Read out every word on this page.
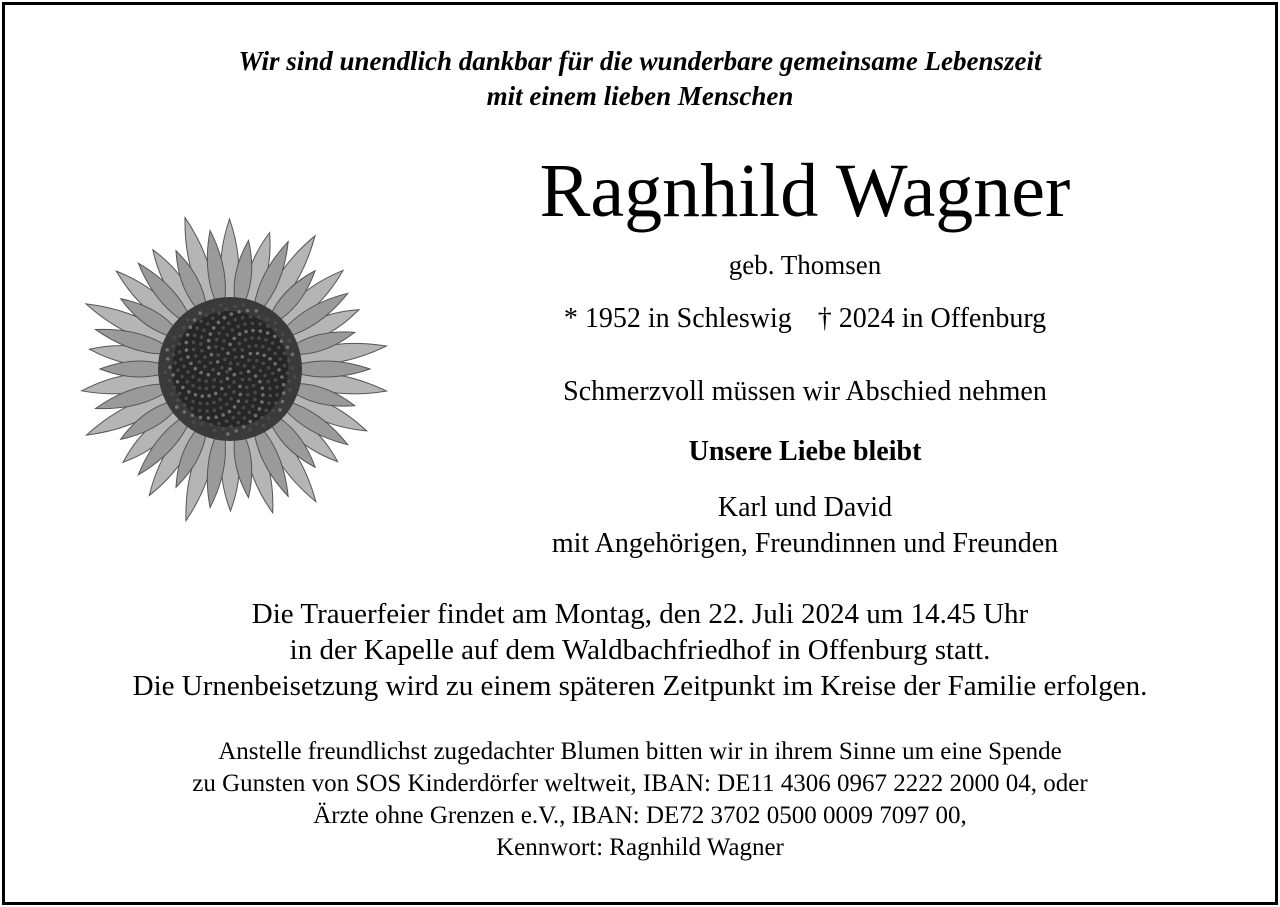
Wir sind unendlich dankbar für die wunderbare gemeinsame Lebenszeit
mit einem lieben Menschen
Ragnhild Wagner
geb. Thomsen
* 1952 in Schleswig † 2024 in Offenburg
Schmerzvoll müssen wir Abschied nehmen
Unsere Liebe bleibt
Karl und David
mit Angehörigen, Freundinnen und Freunden
Die Trauerfeier findet am Montag, den 22. Juli 2024 um 14.45 Uhr
in der Kapelle auf dem Waldbachfriedhof in Offenburg statt.
Die Urnenbeisetzung wird zu einem späteren Zeitpunkt im Kreise der Familie erfolgen.
Anstelle freundlichst zugedachter Blumen bitten wir in ihrem Sinne um eine Spende
zu Gunsten von SOS Kinderdörfer weltweit, IBAN: DE11 4306 0967 2222 2000 04, oder
Ärzte ohne Grenzen e.V., IBAN: DE72 3702 0500 0009 7097 00,
Kennwort: Ragnhild Wagner
